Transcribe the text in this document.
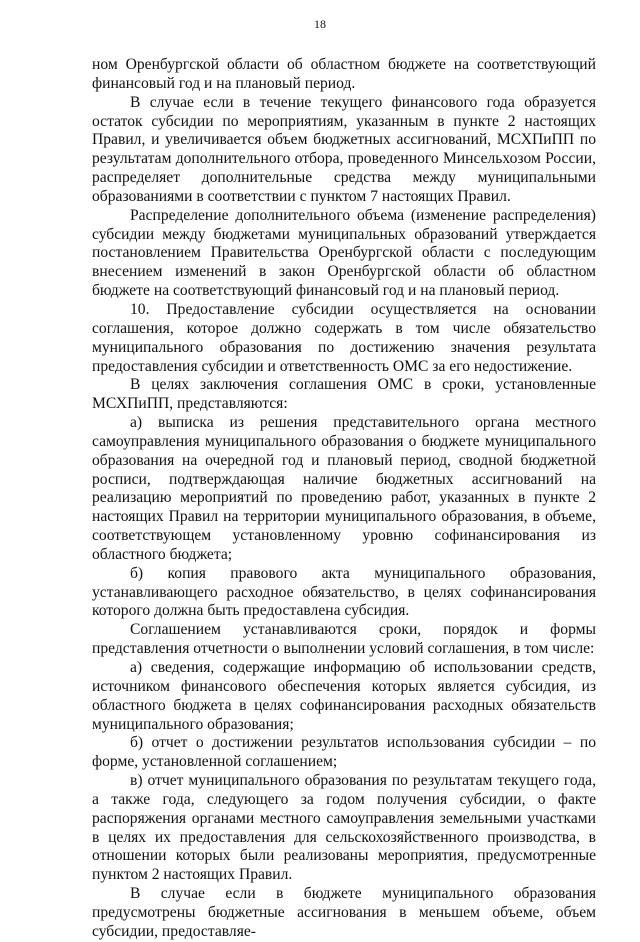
18

ном Оренбургской области об областном бюджете на соответствующий финансовый год и на плановый период.

В случае если в течение текущего финансового года образуется остаток субсидии по мероприятиям, указанным в пункте 2 настоящих Правил, и увеличивается объем бюджетных ассигнований, МСХПиПП по результатам дополнительного отбора, проведенного Минсельхозом России, распределяет дополнительные средства между муниципальными образованиями в соответствии с пунктом 7 настоящих Правил.

Распределение дополнительного объема (изменение распределения) субсидии между бюджетами муниципальных образований утверждается постановлением Правительства Оренбургской области с последующим внесением изменений в закон Оренбургской области об областном бюджете на соответствующий финансовый год и на плановый период.

10. Предоставление субсидии осуществляется на основании соглашения, которое должно содержать в том числе обязательство муниципального образования по достижению значения результата предоставления субсидии и ответственность ОМС за его недостижение.

В целях заключения соглашения ОМС в сроки, установленные МСХПиПП, представляются:

а) выписка из решения представительного органа местного самоуправления муниципального образования о бюджете муниципального образования на очередной год и плановый период, сводной бюджетной росписи, подтверждающая наличие бюджетных ассигнований на реализацию мероприятий по проведению работ, указанных в пункте 2 настоящих Правил на территории муниципального образования, в объеме, соответствующем установленному уровню софинансирования из областного бюджета;

б) копия правового акта муниципального образования, устанавливающего расходное обязательство, в целях софинансирования которого должна быть предоставлена субсидия.

Соглашением устанавливаются сроки, порядок и формы представления отчетности о выполнении условий соглашения, в том числе:

а) сведения, содержащие информацию об использовании средств, источником финансового обеспечения которых является субсидия, из областного бюджета в целях софинансирования расходных обязательств муниципального образования;

б) отчет о достижении результатов использования субсидии – по форме, установленной соглашением;

в) отчет муниципального образования по результатам текущего года, а также года, следующего за годом получения субсидии, о факте распоряжения органами местного самоуправления земельными участками в целях их предоставления для сельскохозяйственного производства, в отношении которых были реализованы мероприятия, предусмотренные пунктом 2 настоящих Правил.

В случае если в бюджете муниципального образования предусмотрены бюджетные ассигнования в меньшем объеме, объем субсидии, предоставляе-
